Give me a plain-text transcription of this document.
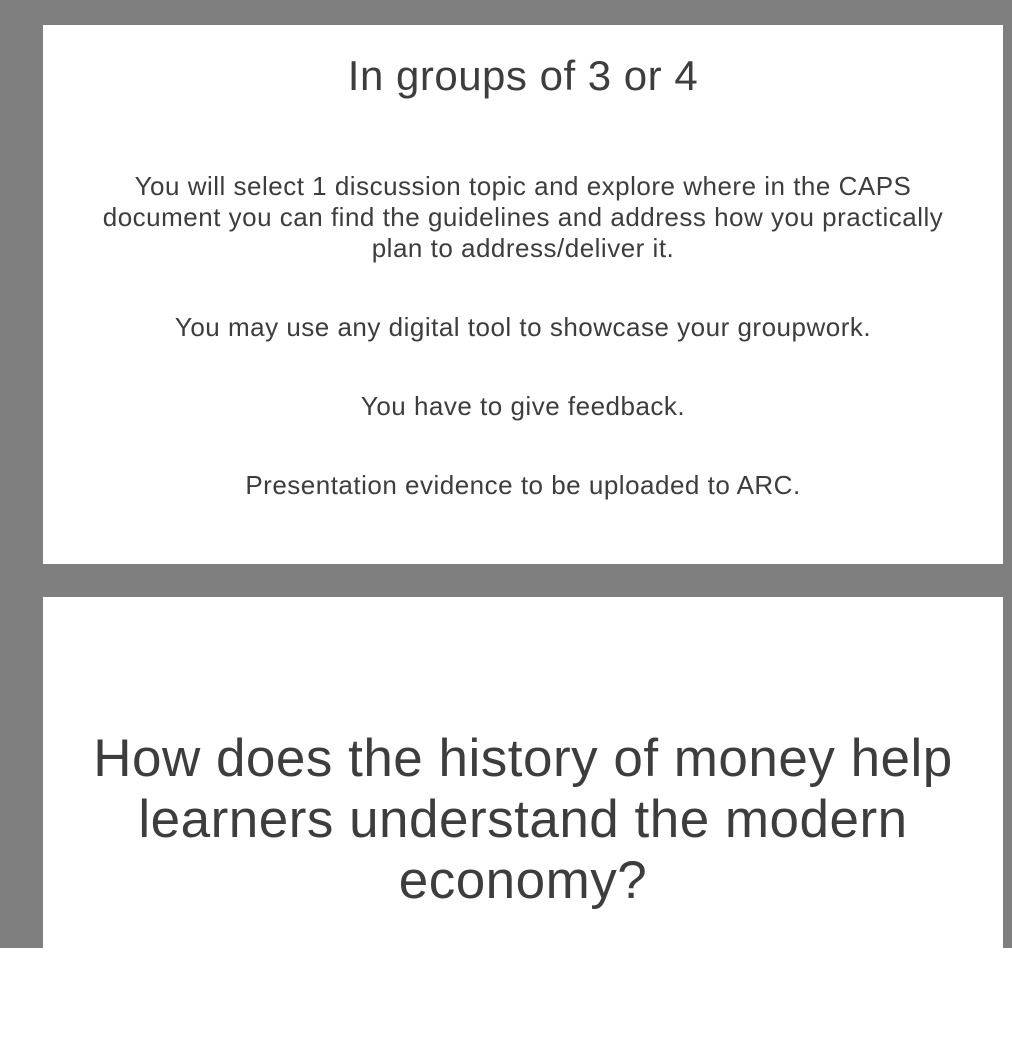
In groups of 3 or 4

You will select 1 discussion topic and explore where in the CAPS document you can find the guidelines and address how you practically plan to address/deliver it.

You may use any digital tool to showcase your groupwork.

You have to give feedback.

Presentation evidence to be uploaded to ARC.

How does the history of money help learners understand the modern economy?
